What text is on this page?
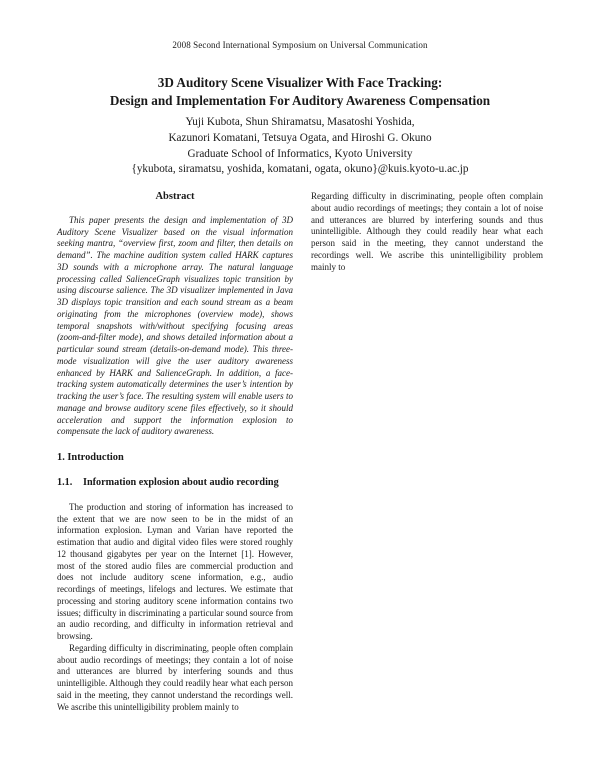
2008 Second International Symposium on Universal Communication
3D Auditory Scene Visualizer With Face Tracking:
Design and Implementation For Auditory Awareness Compensation
Yuji Kubota, Shun Shiramatsu, Masatoshi Yoshida,
Kazunori Komatani, Tetsuya Ogata, and Hiroshi G. Okuno
Graduate School of Informatics, Kyoto University
{ykubota, siramatsu, yoshida, komatani, ogata, okuno}@kuis.kyoto-u.ac.jp
Abstract

This paper presents the design and implementation of 3D Auditory Scene Visualizer based on the visual information seeking mantra, “overview first, zoom and filter, then details on demand”. The machine audition system called HARK captures 3D sounds with a microphone array. The natural language processing called SalienceGraph visualizes topic transition by using discourse salience. The 3D visualizer implemented in Java 3D displays topic transition and each sound stream as a beam originating from the microphones (overview mode), shows temporal snapshots with/without specifying focusing areas (zoom-and-filter mode), and shows detailed information about a particular sound stream (details-on-demand mode). This three-mode visualization will give the user auditory awareness enhanced by HARK and SalienceGraph. In addition, a face-tracking system automatically determines the user’s intention by tracking the user’s face. The resulting system will enable users to manage and browse auditory scene files effectively, so it should acceleration and support the information explosion to compensate the lack of auditory awareness.

1. Introduction
1.1.	Information explosion about audio recording

The production and storing of information has increased to the extent that we are now seen to be in the midst of an information explosion. Lyman and Varian have reported the estimation that audio and digital video files were stored roughly 12 thousand gigabytes per year on the Internet [1]. However, most of the stored audio files are commercial production and does not include auditory scene information, e.g., audio recordings of meetings, lifelogs and lectures. We estimate that processing and storing auditory scene information contains two issues; difficulty in discriminating a particular sound source from an audio recording, and difficulty in information retrieval and browsing.

Regarding difficulty in discriminating, people often complain about audio recordings of meetings; they contain a lot of noise and utterances are blurred by interfering sounds and thus unintelligible. Although they could readily hear what each person said in the meeting, they cannot understand the recordings well. We ascribe this unintelligibility problem mainly to

Regarding difficulty in discriminating, people often complain about audio recordings of meetings; they contain a lot of noise and utterances are blurred by interfering sounds and thus unintelligible. Although they could readily hear what each person said in the meeting, they cannot understand the recordings well. We ascribe this unintelligibility problem mainly to
